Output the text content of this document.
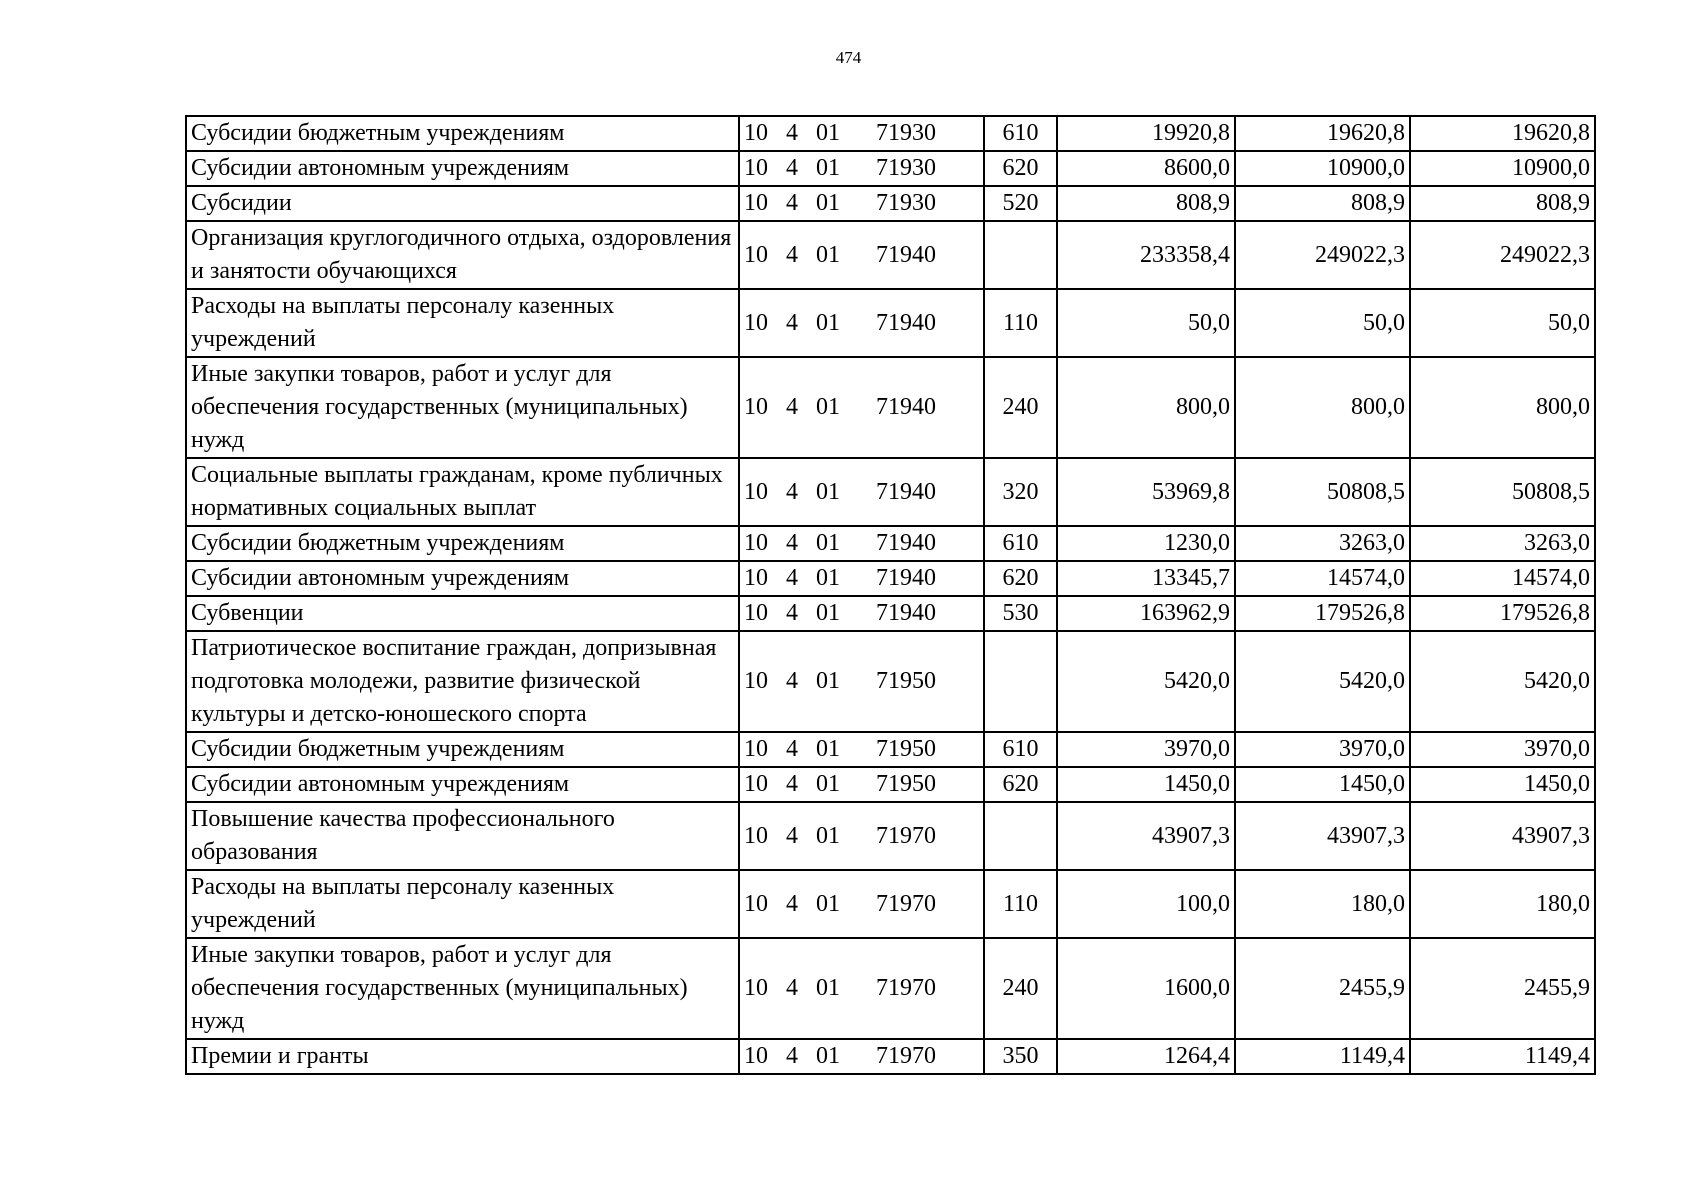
474
Субсидии бюджетным учреждениям	10   4   01      71930	610	19920,8	19620,8	19620,8
Субсидии автономным учреждениям	10   4   01      71930	620	8600,0	10900,0	10900,0
Субсидии	10   4   01      71930	520	808,9	808,9	808,9
Организация круглогодичного отдыха, оздоровления и занятости обучающихся	10   4   01      71940		233358,4	249022,3	249022,3
Расходы на выплаты персоналу казенных учреждений	10   4   01      71940	110	50,0	50,0	50,0
Иные закупки товаров, работ и услуг для обеспечения государственных (муниципальных) нужд	10   4   01      71940	240	800,0	800,0	800,0
Социальные выплаты гражданам, кроме публичных нормативных социальных выплат	10   4   01      71940	320	53969,8	50808,5	50808,5
Субсидии бюджетным учреждениям	10   4   01      71940	610	1230,0	3263,0	3263,0
Субсидии автономным учреждениям	10   4   01      71940	620	13345,7	14574,0	14574,0
Субвенции	10   4   01      71940	530	163962,9	179526,8	179526,8
Патриотическое воспитание граждан, допризывная подготовка молодежи, развитие физической культуры и детско-юношеского спорта	10   4   01      71950		5420,0	5420,0	5420,0
Субсидии бюджетным учреждениям	10   4   01      71950	610	3970,0	3970,0	3970,0
Субсидии автономным учреждениям	10   4   01      71950	620	1450,0	1450,0	1450,0
Повышение качества профессионального образования	10   4   01      71970		43907,3	43907,3	43907,3
Расходы на выплаты персоналу казенных учреждений	10   4   01      71970	110	100,0	180,0	180,0
Иные закупки товаров, работ и услуг для обеспечения государственных (муниципальных) нужд	10   4   01      71970	240	1600,0	2455,9	2455,9
Премии и гранты	10   4   01      71970	350	1264,4	1149,4	1149,4
